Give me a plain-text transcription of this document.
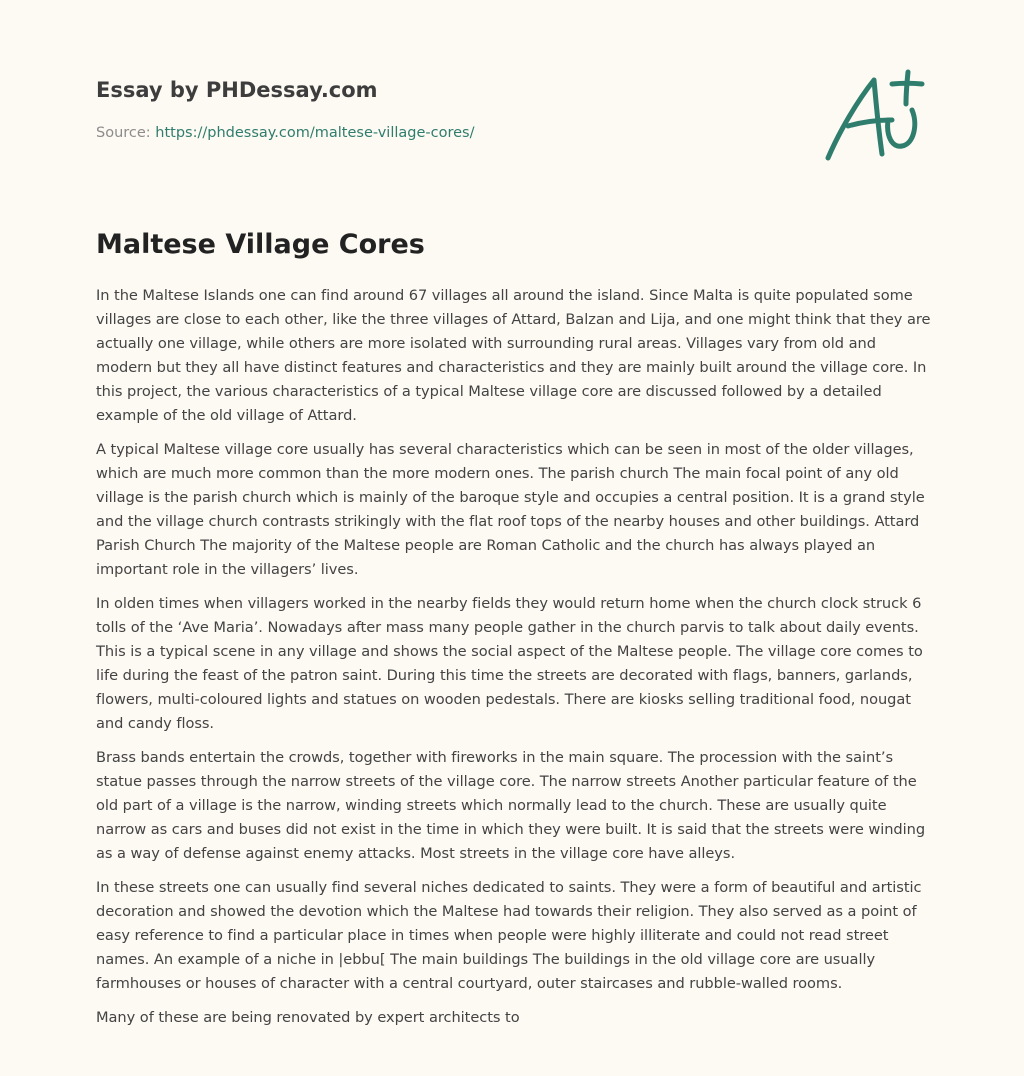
Essay by PHDessay.com

Source: https://phdessay.com/maltese-village-cores/

Maltese Village Cores

In the Maltese Islands one can find around 67 villages all around the island. Since Malta is quite populated some villages are close to each other, like the three villages of Attard, Balzan and Lija, and one might think that they are actually one village, while others are more isolated with surrounding rural areas. Villages vary from old and modern but they all have distinct features and characteristics and they are mainly built around the village core. In this project, the various characteristics of a typical Maltese village core are discussed followed by a detailed example of the old village of Attard.

A typical Maltese village core usually has several characteristics which can be seen in most of the older villages, which are much more common than the more modern ones. The parish church The main focal point of any old village is the parish church which is mainly of the baroque style and occupies a central position. It is a grand style and the village church contrasts strikingly with the flat roof tops of the nearby houses and other buildings. Attard Parish Church The majority of the Maltese people are Roman Catholic and the church has always played an important role in the villagers’ lives.

In olden times when villagers worked in the nearby fields they would return home when the church clock struck 6 tolls of the ‘Ave Maria’. Nowadays after mass many people gather in the church parvis to talk about daily events. This is a typical scene in any village and shows the social aspect of the Maltese people. The village core comes to life during the feast of the patron saint. During this time the streets are decorated with flags, banners, garlands, flowers, multi-coloured lights and statues on wooden pedestals. There are kiosks selling traditional food, nougat and candy floss.

Brass bands entertain the crowds, together with fireworks in the main square. The procession with the saint’s statue passes through the narrow streets of the village core. The narrow streets Another particular feature of the old part of a village is the narrow, winding streets which normally lead to the church. These are usually quite narrow as cars and buses did not exist in the time in which they were built. It is said that the streets were winding as a way of defense against enemy attacks. Most streets in the village core have alleys.

In these streets one can usually find several niches dedicated to saints. They were a form of beautiful and artistic decoration and showed the devotion which the Maltese had towards their religion. They also served as a point of easy reference to find a particular place in times when people were highly illiterate and could not read street names. An example of a niche in |ebbu[ The main buildings The buildings in the old village core are usually farmhouses or houses of character with a central courtyard, outer staircases and rubble-walled rooms.

Many of these are being renovated by expert architects to
